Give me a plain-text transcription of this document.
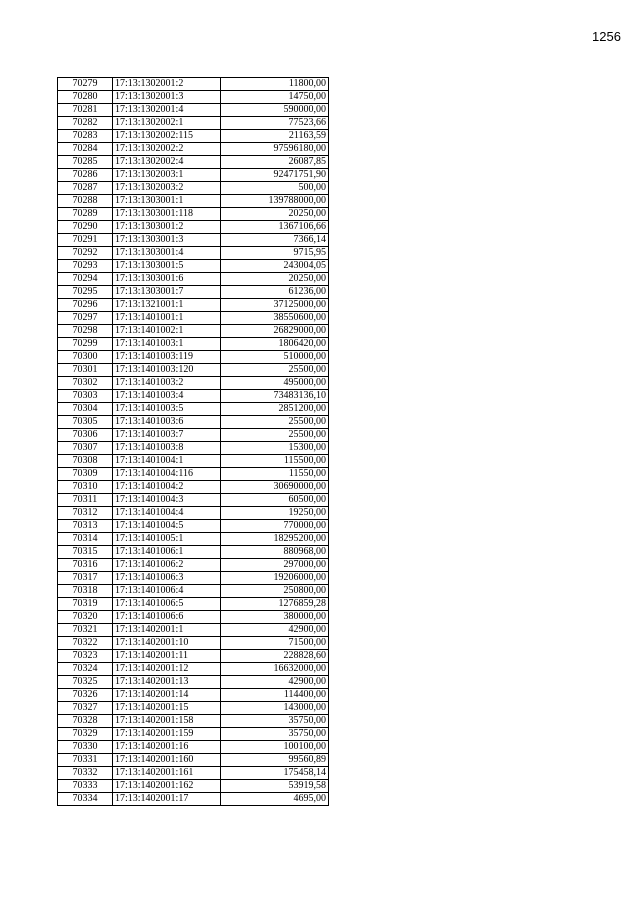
1256
70279	17:13:1302001:2	11800,00
70280	17:13:1302001:3	14750,00
70281	17:13:1302001:4	590000,00
70282	17:13:1302002:1	77523,66
70283	17:13:1302002:115	21163,59
70284	17:13:1302002:2	97596180,00
70285	17:13:1302002:4	26087,85
70286	17:13:1302003:1	92471751,90
70287	17:13:1302003:2	500,00
70288	17:13:1303001:1	139788000,00
70289	17:13:1303001:118	20250,00
70290	17:13:1303001:2	1367106,66
70291	17:13:1303001:3	7366,14
70292	17:13:1303001:4	9715,95
70293	17:13:1303001:5	243004,05
70294	17:13:1303001:6	20250,00
70295	17:13:1303001:7	61236,00
70296	17:13:1321001:1	37125000,00
70297	17:13:1401001:1	38550600,00
70298	17:13:1401002:1	26829000,00
70299	17:13:1401003:1	1806420,00
70300	17:13:1401003:119	510000,00
70301	17:13:1401003:120	25500,00
70302	17:13:1401003:2	495000,00
70303	17:13:1401003:4	73483136,10
70304	17:13:1401003:5	2851200,00
70305	17:13:1401003:6	25500,00
70306	17:13:1401003:7	25500,00
70307	17:13:1401003:8	15300,00
70308	17:13:1401004:1	115500,00
70309	17:13:1401004:116	11550,00
70310	17:13:1401004:2	30690000,00
70311	17:13:1401004:3	60500,00
70312	17:13:1401004:4	19250,00
70313	17:13:1401004:5	770000,00
70314	17:13:1401005:1	18295200,00
70315	17:13:1401006:1	880968,00
70316	17:13:1401006:2	297000,00
70317	17:13:1401006:3	19206000,00
70318	17:13:1401006:4	250800,00
70319	17:13:1401006:5	1276859,28
70320	17:13:1401006:6	380000,00
70321	17:13:1402001:1	42900,00
70322	17:13:1402001:10	71500,00
70323	17:13:1402001:11	228828,60
70324	17:13:1402001:12	16632000,00
70325	17:13:1402001:13	42900,00
70326	17:13:1402001:14	114400,00
70327	17:13:1402001:15	143000,00
70328	17:13:1402001:158	35750,00
70329	17:13:1402001:159	35750,00
70330	17:13:1402001:16	100100,00
70331	17:13:1402001:160	99560,89
70332	17:13:1402001:161	175458,14
70333	17:13:1402001:162	53919,58
70334	17:13:1402001:17	4695,00
